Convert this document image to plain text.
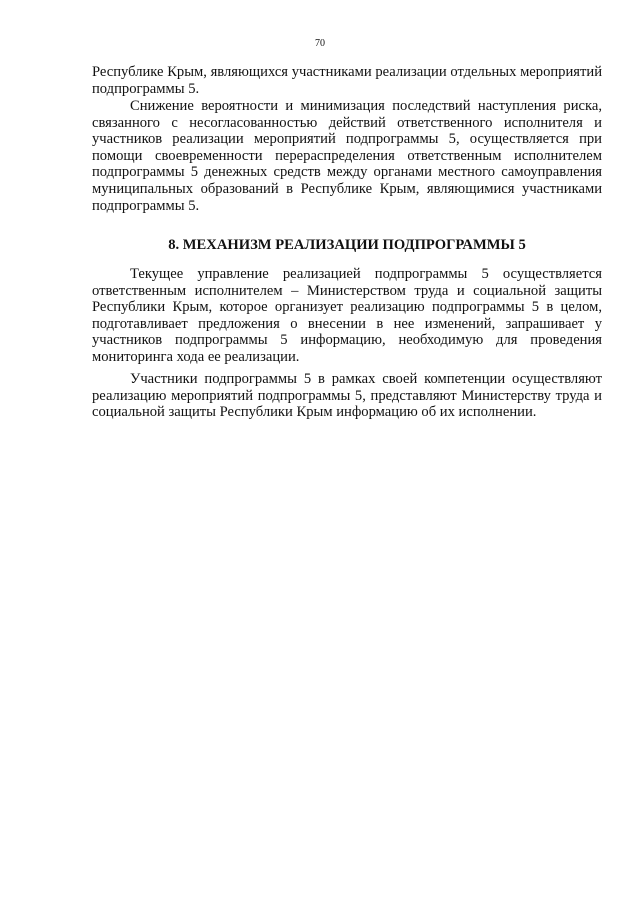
70

Республике Крым, являющихся участниками реализации отдельных мероприятий подпрограммы 5.

Снижение вероятности и минимизация последствий наступления риска, связанного с несогласованностью действий ответственного исполнителя и участников реализации мероприятий подпрограммы 5, осуществляется при помощи своевременности перераспределения ответственным исполнителем подпрограммы 5 денежных средств между органами местного самоуправления муниципальных образований в Республике Крым, являющимися участниками подпрограммы 5.

8. МЕХАНИЗМ РЕАЛИЗАЦИИ ПОДПРОГРАММЫ 5

Текущее управление реализацией подпрограммы 5 осуществляется ответственным исполнителем – Министерством труда и социальной защиты Республики Крым, которое организует реализацию подпрограммы 5 в целом, подготавливает предложения о внесении в нее изменений, запрашивает у участников подпрограммы 5 информацию, необходимую для проведения мониторинга хода ее реализации.

Участники подпрограммы 5 в рамках своей компетенции осуществляют реализацию мероприятий подпрограммы 5, представляют Министерству труда и социальной защиты Республики Крым информацию об их исполнении.
